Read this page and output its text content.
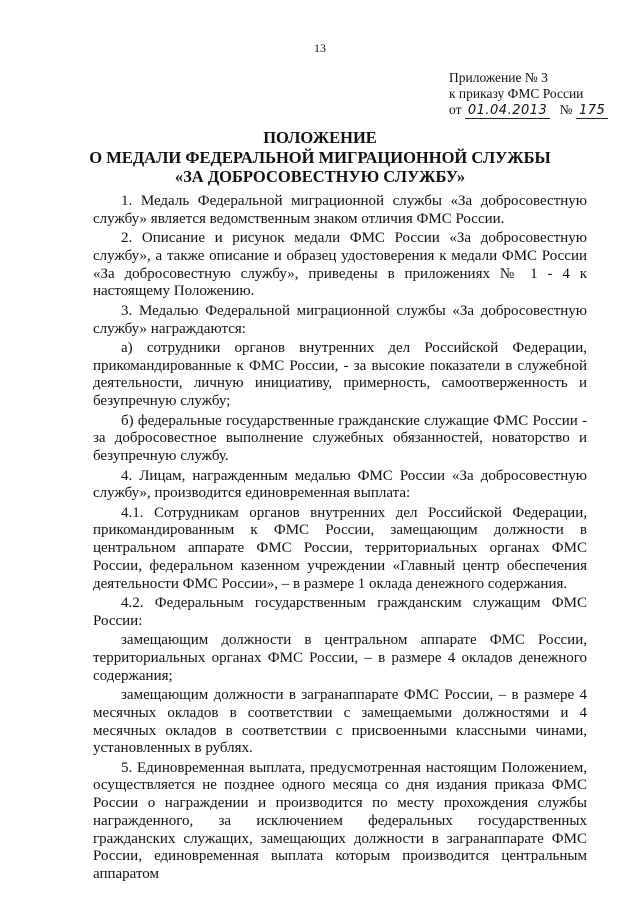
13
Приложение № 3
к приказу ФМС России
от 01.04.2013 № 175
ПОЛОЖЕНИЕ
О МЕДАЛИ ФЕДЕРАЛЬНОЙ МИГРАЦИОННОЙ СЛУЖБЫ
«ЗА ДОБРОСОВЕСТНУЮ СЛУЖБУ»

1. Медаль Федеральной миграционной службы «За добросовестную службу» является ведомственным знаком отличия ФМС России.

2. Описание и рисунок медали ФМС России «За добросовестную службу», а также описание и образец удостоверения к медали ФМС России «За добросовестную службу», приведены в приложениях № 1 - 4 к настоящему Положению.

3. Медалью Федеральной миграционной службы «За добросовестную службу» награждаются:

а) сотрудники органов внутренних дел Российской Федерации, прикомандированные к ФМС России, - за высокие показатели в служебной деятельности, личную инициативу, примерность, самоотверженность и безупречную службу;

б) федеральные государственные гражданские служащие ФМС России - за добросовестное выполнение служебных обязанностей, новаторство и безупречную службу.

4. Лицам, награжденным медалью ФМС России «За добросовестную службу», производится единовременная выплата:

4.1. Сотрудникам органов внутренних дел Российской Федерации, прикомандированным к ФМС России, замещающим должности в центральном аппарате ФМС России, территориальных органах ФМС России, федеральном казенном учреждении «Главный центр обеспечения деятельности ФМС России», – в размере 1 оклада денежного содержания.

4.2. Федеральным государственным гражданским служащим ФМС России:

замещающим должности в центральном аппарате ФМС России, территориальных органах ФМС России, – в размере 4 окладов денежного содержания;

замещающим должности в загранаппарате ФМС России, – в размере 4 месячных окладов в соответствии с замещаемыми должностями и 4 месячных окладов в соответствии с присвоенными классными чинами, установленных в рублях.

5. Единовременная выплата, предусмотренная настоящим Положением, осуществляется не позднее одного месяца со дня издания приказа ФМС России о награждении и производится по месту прохождения службы награжденного, за исключением федеральных государственных гражданских служащих, замещающих должности в загранаппарате ФМС России, единовременная выплата которым производится центральным аппаратом
